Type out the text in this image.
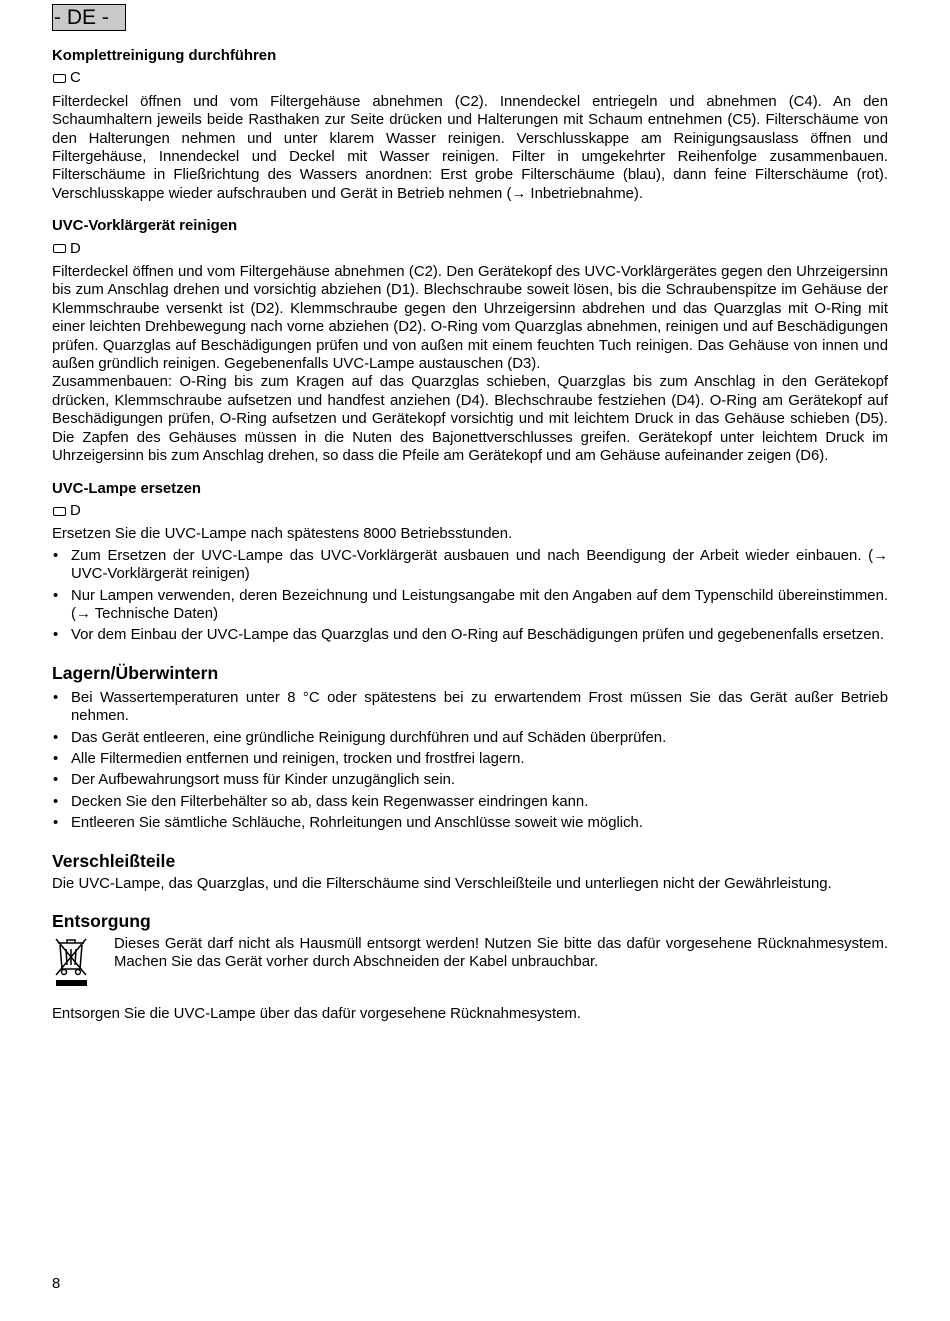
- DE -
Komplettreinigung durchführen

C

Filterdeckel öffnen und vom Filtergehäuse abnehmen (C2). Innendeckel entriegeln und abnehmen (C4). An den Schaumhaltern jeweils beide Rasthaken zur Seite drücken und Halterungen mit Schaum entnehmen (C5). Filterschäume von den Halterungen nehmen und unter klarem Wasser reinigen. Verschlusskappe am Reinigungsauslass öffnen und Filtergehäuse, Innendeckel und Deckel mit Wasser reinigen. Filter in umgekehrter Reihenfolge zusammenbauen. Filterschäume in Fließrichtung des Wassers anordnen: Erst grobe Filterschäume (blau), dann feine Filterschäume (rot). Verschlusskappe wieder aufschrauben und Gerät in Betrieb nehmen (→ Inbetriebnahme).

UVC-Vorklärgerät reinigen

D

Filterdeckel öffnen und vom Filtergehäuse abnehmen (C2). Den Gerätekopf des UVC-Vorklärgerätes gegen den Uhrzeigersinn bis zum Anschlag drehen und vorsichtig abziehen (D1). Blechschraube soweit lösen, bis die Schraubenspitze im Gehäuse der Klemmschraube versenkt ist (D2). Klemmschraube gegen den Uhrzeigersinn abdrehen und das Quarzglas mit O-Ring mit einer leichten Drehbewegung nach vorne abziehen (D2). O-Ring vom Quarzglas abnehmen, reinigen und auf Beschädigungen prüfen. Quarzglas auf Beschädigungen prüfen und von außen mit einem feuchten Tuch reinigen. Das Gehäuse von innen und außen gründlich reinigen. Gegebenenfalls UVC-Lampe austauschen (D3).

Zusammenbauen: O-Ring bis zum Kragen auf das Quarzglas schieben, Quarzglas bis zum Anschlag in den Gerätekopf drücken, Klemmschraube aufsetzen und handfest anziehen (D4). Blechschraube festziehen (D4). O-Ring am Gerätekopf auf Beschädigungen prüfen, O-Ring aufsetzen und Gerätekopf vorsichtig und mit leichtem Druck in das Gehäuse schieben (D5). Die Zapfen des Gehäuses müssen in die Nuten des Bajonettverschlusses greifen. Gerätekopf unter leichtem Druck im Uhrzeigersinn bis zum Anschlag drehen, so dass die Pfeile am Gerätekopf und am Gehäuse aufeinander zeigen (D6).

UVC-Lampe ersetzen

D

Ersetzen Sie die UVC-Lampe nach spätestens 8000 Betriebsstunden.

• Zum Ersetzen der UVC-Lampe das UVC-Vorklärgerät ausbauen und nach Beendigung der Arbeit wieder einbauen. (→ UVC-Vorklärgerät reinigen)
• Nur Lampen verwenden, deren Bezeichnung und Leistungsangabe mit den Angaben auf dem Typenschild übereinstimmen. (→ Technische Daten)
• Vor dem Einbau der UVC-Lampe das Quarzglas und den O-Ring auf Beschädigungen prüfen und gegebenenfalls ersetzen.
Lagern/Überwintern
• Bei Wassertemperaturen unter 8 °C oder spätestens bei zu erwartendem Frost müssen Sie das Gerät außer Betrieb nehmen.
• Das Gerät entleeren, eine gründliche Reinigung durchführen und auf Schäden überprüfen.
• Alle Filtermedien entfernen und reinigen, trocken und frostfrei lagern.
• Der Aufbewahrungsort muss für Kinder unzugänglich sein.
• Decken Sie den Filterbehälter so ab, dass kein Regenwasser eindringen kann.
• Entleeren Sie sämtliche Schläuche, Rohrleitungen und Anschlüsse soweit wie möglich.
Verschleißteile

Die UVC-Lampe, das Quarzglas, und die Filterschäume sind Verschleißteile und unterliegen nicht der Gewährleistung.

Entsorgung

Dieses Gerät darf nicht als Hausmüll entsorgt werden! Nutzen Sie bitte das dafür vorgesehene Rücknahmesystem. Machen Sie das Gerät vorher durch Abschneiden der Kabel unbrauchbar.

Entsorgen Sie die UVC-Lampe über das dafür vorgesehene Rücknahmesystem.

8
